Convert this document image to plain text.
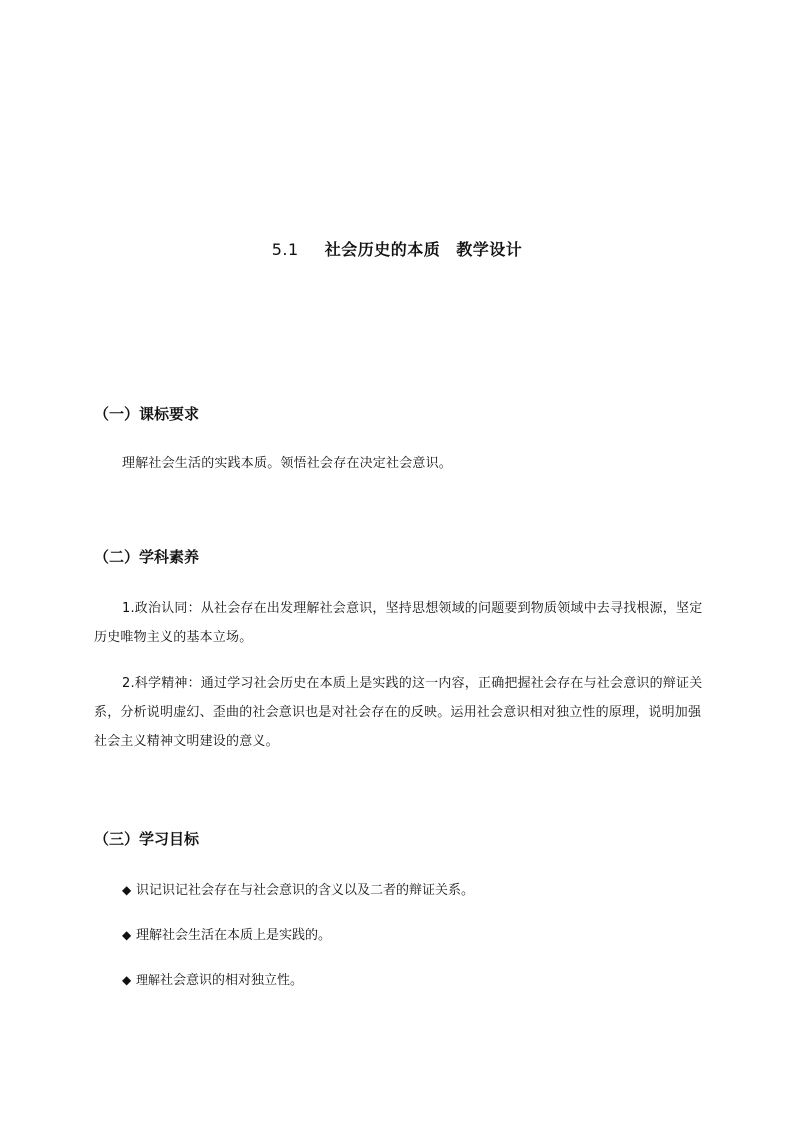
5.1 社会历史的本质 教学设计
（一）课标要求
理解社会生活的实践本质。领悟社会存在决定社会意识。
（二）学科素养
1.政治认同：从社会存在出发理解社会意识，坚持思想领域的问题要到物质领域中去寻找根源，坚定历史唯物主义的基本立场。
2.科学精神：通过学习社会历史在本质上是实践的这一内容，正确把握社会存在与社会意识的辩证关系，分析说明虚幻、歪曲的社会意识也是对社会存在的反映。运用社会意识相对独立性的原理，说明加强社会主义精神文明建设的意义。
（三）学习目标
◆ 识记识记社会存在与社会意识的含义以及二者的辩证关系。
◆ 理解社会生活在本质上是实践的。
◆ 理解社会意识的相对独立性。
